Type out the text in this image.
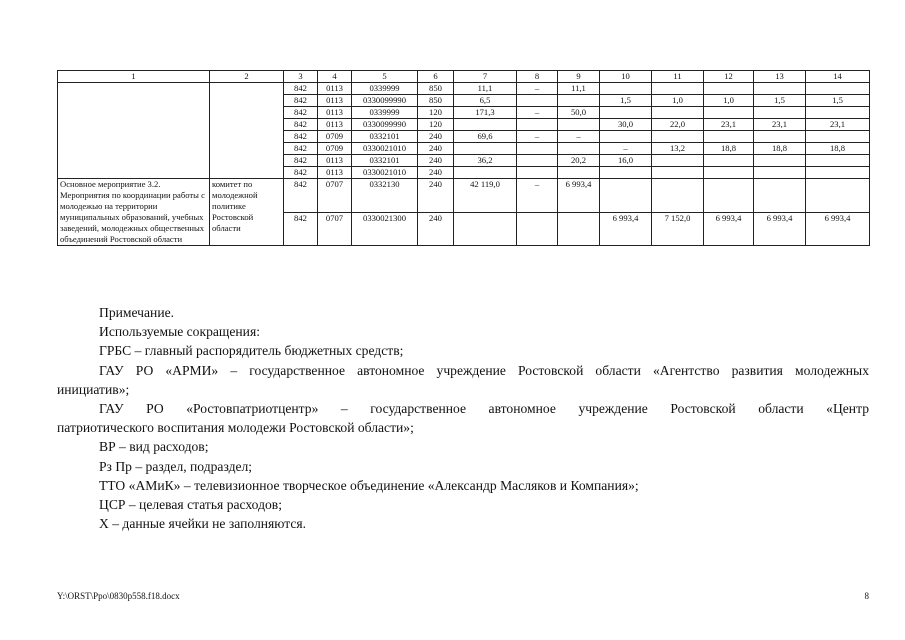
1	2	3	4	5	6	7	8	9	10	11	12	13	14
		842	0113	0339999	850	11,1	–	11,1					
		842	0113	0330099990	850	6,5			1,5	1,0	1,0	1,5	1,5
		842	0113	0339999	120	171,3	–	50,0					
		842	0113	0330099990	120				30,0	22,0	23,1	23,1	23,1
		842	0709	0332101	240	69,6	–	–					
		842	0709	0330021010	240				–	13,2	18,8	18,8	18,8
		842	0113	0332101	240	36,2		20,2	16,0				
		842	0113	0330021010	240								
Основное мероприятие 3.2. Мероприятия по координации работы с молодежью на территории муниципальных образований, учебных заведений, молодежных общественных объединений Ростовской области	комитет по молодежной политике Ростовской области	842	0707	0332130	240	42 119,0	–	6 993,4					
		842	0707	0330021300	240				6 993,4	7 152,0	6 993,4	6 993,4	6 993,4
Примечание.
Используемые сокращения:
ГРБС – главный распорядитель бюджетных средств;
ГАУ РО «АРМИ» – государственное автономное учреждение Ростовской области «Агентство развития молодежных
инициатив»;
ГАУ РО «Ростовпатриотцентр» – государственное автономное учреждение Ростовской области «Центр
патриотического воспитания молодежи Ростовской области»;
ВР – вид расходов;
Рз Пр – раздел, подраздел;
ТТО «АМиК» – телевизионное творческое объединение «Александр Масляков и Компания»;
ЦСР – целевая статья расходов;
Х – данные ячейки не заполняются.
Y:\ORST\Ppo\0830p558.f18.docx	8
